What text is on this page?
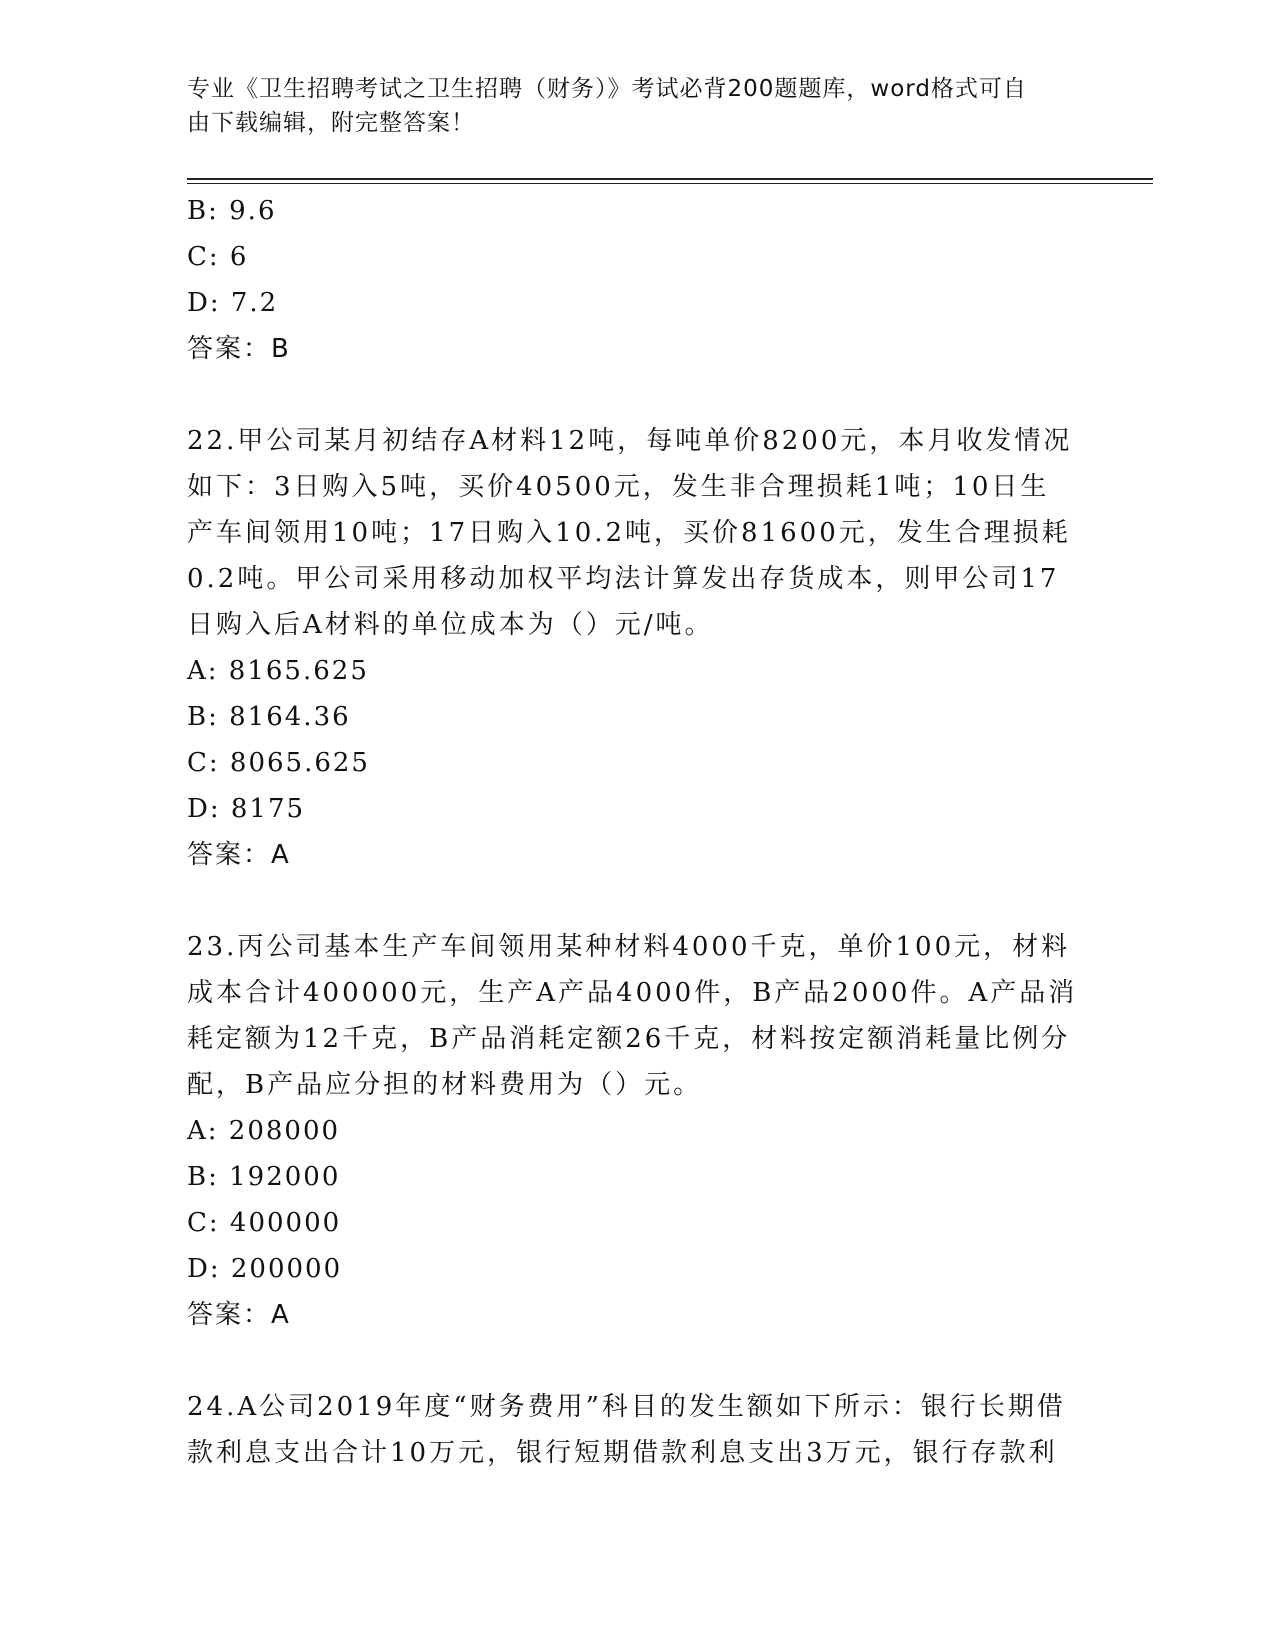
专业《卫生招聘考试之卫生招聘（财务）》考试必背200题题库，word格式可自
由下载编辑，附完整答案！
B: 9.6
C: 6
D: 7.2
答案：B
22.甲公司某月初结存A材料12吨，每吨单价8200元，本月收发情况
如下：3日购入5吨，买价40500元，发生非合理损耗1吨；10日生
产车间领用10吨；17日购入10.2吨，买价81600元，发生合理损耗
0.2吨。甲公司采用移动加权平均法计算发出存货成本，则甲公司17
日购入后A材料的单位成本为（）元/吨。
A: 8165.625
B: 8164.36
C: 8065.625
D: 8175
答案：A
23.丙公司基本生产车间领用某种材料4000千克，单价100元，材料
成本合计400000元，生产A产品4000件，B产品2000件。A产品消
耗定额为12千克，B产品消耗定额26千克，材料按定额消耗量比例分
配，B产品应分担的材料费用为（）元。
A: 208000
B: 192000
C: 400000
D: 200000
答案：A
24.A公司2019年度“财务费用”科目的发生额如下所示：银行长期借
款利息支出合计10万元，银行短期借款利息支出3万元，银行存款利
